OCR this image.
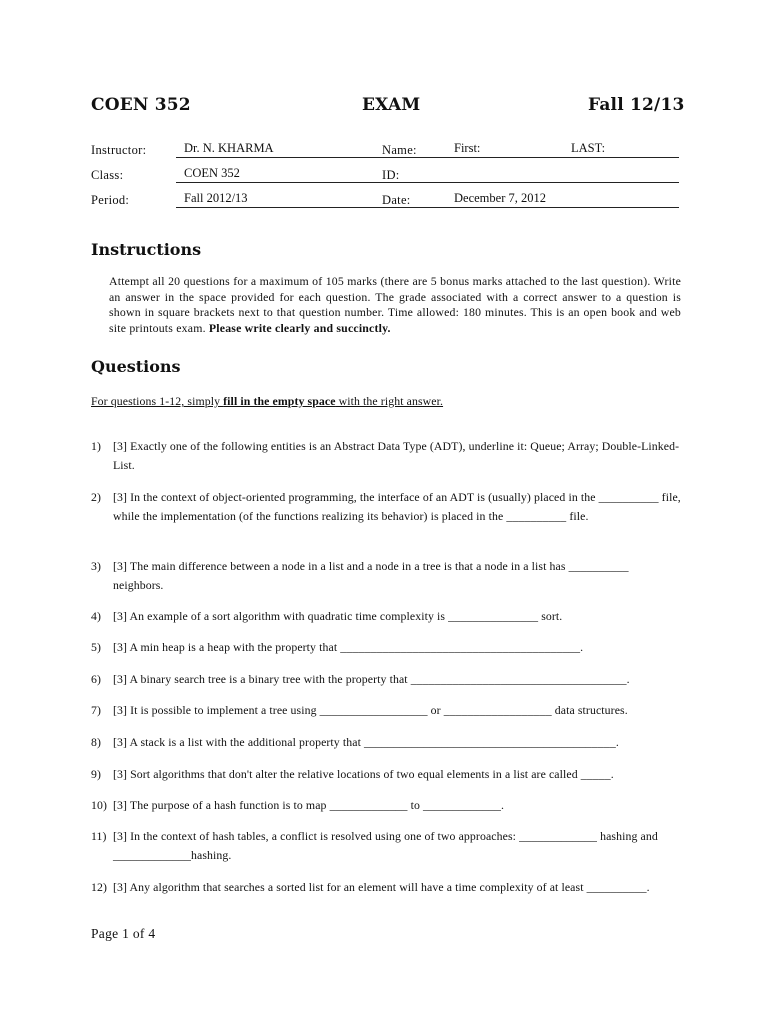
COEN 352	EXAM	Fall 12/13
Instructor:	Dr. N. KHARMA	Name:	First:	LAST:
Class:	COEN 352	ID:
Period:	Fall 2012/13	Date:	December 7, 2012
Instructions
Attempt all 20 questions for a maximum of 105 marks (there are 5 bonus marks attached to the last question). Write an answer in the space provided for each question. The grade associated with a correct answer to a question is shown in square brackets next to that question number. Time allowed: 180 minutes. This is an open book and web site printouts exam. Please write clearly and succinctly.
Questions
For questions 1-12, simply fill in the empty space with the right answer.
1) [3] Exactly one of the following entities is an Abstract Data Type (ADT), underline it: Queue; Array; Double-Linked-List.
2) [3] In the context of object-oriented programming, the interface of an ADT is (usually) placed in the __________ file, while the implementation (of the functions realizing its behavior) is placed in the __________ file.
3) [3] The main difference between a node in a list and a node in a tree is that a node in a list has __________ neighbors.
4) [3] An example of a sort algorithm with quadratic time complexity is _______________ sort.
5) [3] A min heap is a heap with the property that ________________________________________.
6) [3] A binary search tree is a binary tree with the property that ____________________________________.
7) [3] It is possible to implement a tree using __________________ or __________________ data structures.
8) [3] A stack is a list with the additional property that __________________________________________.
9) [3] Sort algorithms that don't alter the relative locations of two equal elements in a list are called _____.
10) [3] The purpose of a hash function is to map _____________ to _____________.
11) [3] In the context of hash tables, a conflict is resolved using one of two approaches: _____________ hashing and _____________hashing.
12) [3] Any algorithm that searches a sorted list for an element will have a time complexity of at least __________.
Page 1 of 4
